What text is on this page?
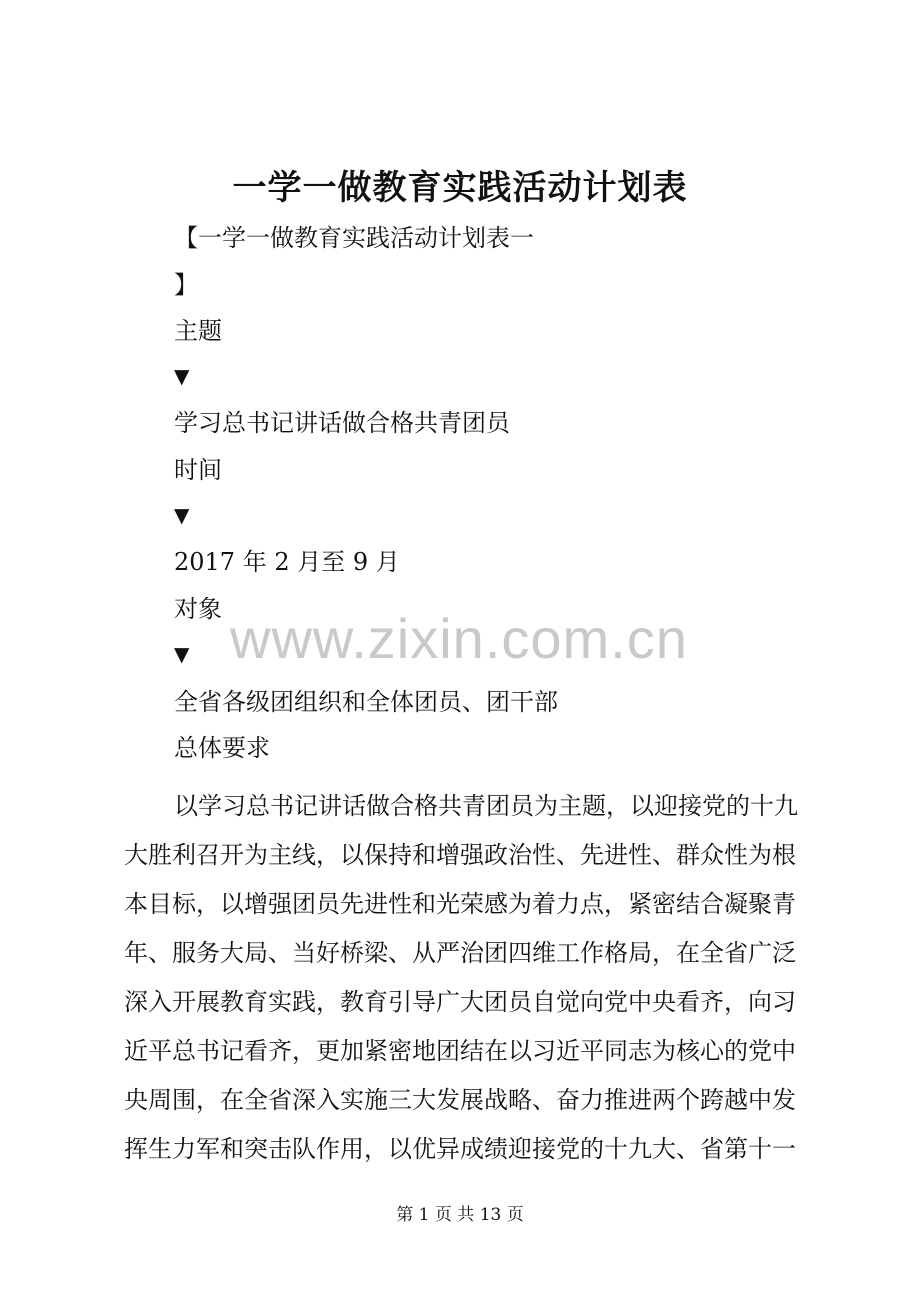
一学一做教育实践活动计划表
【一学一做教育实践活动计划表一
】
主题
▼
学习总书记讲话做合格共青团员
时间
▼
2017 年 2 月至 9 月
对象
▼
全省各级团组织和全体团员、团干部
总体要求
www.zixin.com.cn
以学习总书记讲话做合格共青团员为主题，以迎接党的十九
大胜利召开为主线，以保持和增强政治性、先进性、群众性为根
本目标，以增强团员先进性和光荣感为着力点，紧密结合凝聚青
年、服务大局、当好桥梁、从严治团四维工作格局，在全省广泛
深入开展教育实践，教育引导广大团员自觉向党中央看齐，向习
近平总书记看齐，更加紧密地团结在以习近平同志为核心的党中
央周围，在全省深入实施三大发展战略、奋力推进两个跨越中发
挥生力军和突击队作用，以优异成绩迎接党的十九大、省第十一
第 1 页 共 13 页
